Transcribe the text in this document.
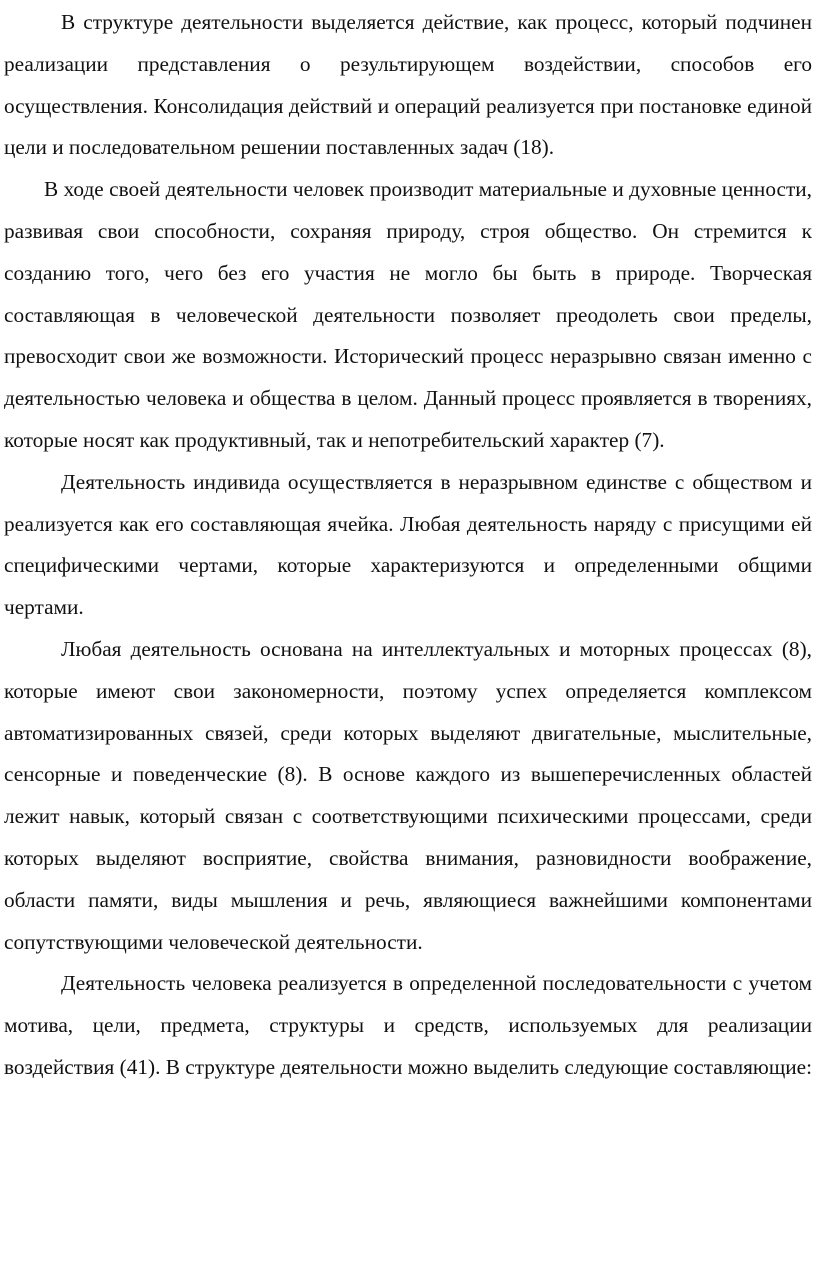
В структуре деятельности выделяется действие, как процесс, который подчинен реализации представления о результирующем воздействии, способов его осуществления. Консолидация действий и операций реализуется при постановке единой цели и последовательном решении поставленных задач (18).

В ходе своей деятельности человек производит материальные и духовные ценности, развивая свои способности, сохраняя природу, строя общество. Он стремится к созданию того, чего без его участия не могло бы быть в природе. Творческая составляющая в человеческой деятельности позволяет преодолеть свои пределы, превосходит свои же возможности. Исторический процесс неразрывно связан именно с деятельностью человека и общества в целом. Данный процесс проявляется в творениях, которые носят как продуктивный, так и непотребительский характер (7).

Деятельность индивида осуществляется в неразрывном единстве с обществом и реализуется как его составляющая ячейка. Любая деятельность наряду с присущими ей специфическими чертами, которые характеризуются и определенными общими чертами.

Любая деятельность основана на интеллектуальных и моторных процессах (8), которые имеют свои закономерности, поэтому успех определяется комплексом автоматизированных связей, среди которых выделяют двигательные, мыслительные, сенсорные и поведенческие (8). В основе каждого из вышеперечисленных областей лежит навык, который связан с соответствующими психическими процессами, среди которых выделяют восприятие, свойства внимания, разновидности воображение, области памяти, виды мышления и речь, являющиеся важнейшими компонентами сопутствующими человеческой деятельности.

Деятельность человека реализуется в определенной последовательности с учетом мотива, цели, предмета, структуры и средств, используемых для реализации воздействия (41). В структуре деятельности можно выделить следующие составляющие:
